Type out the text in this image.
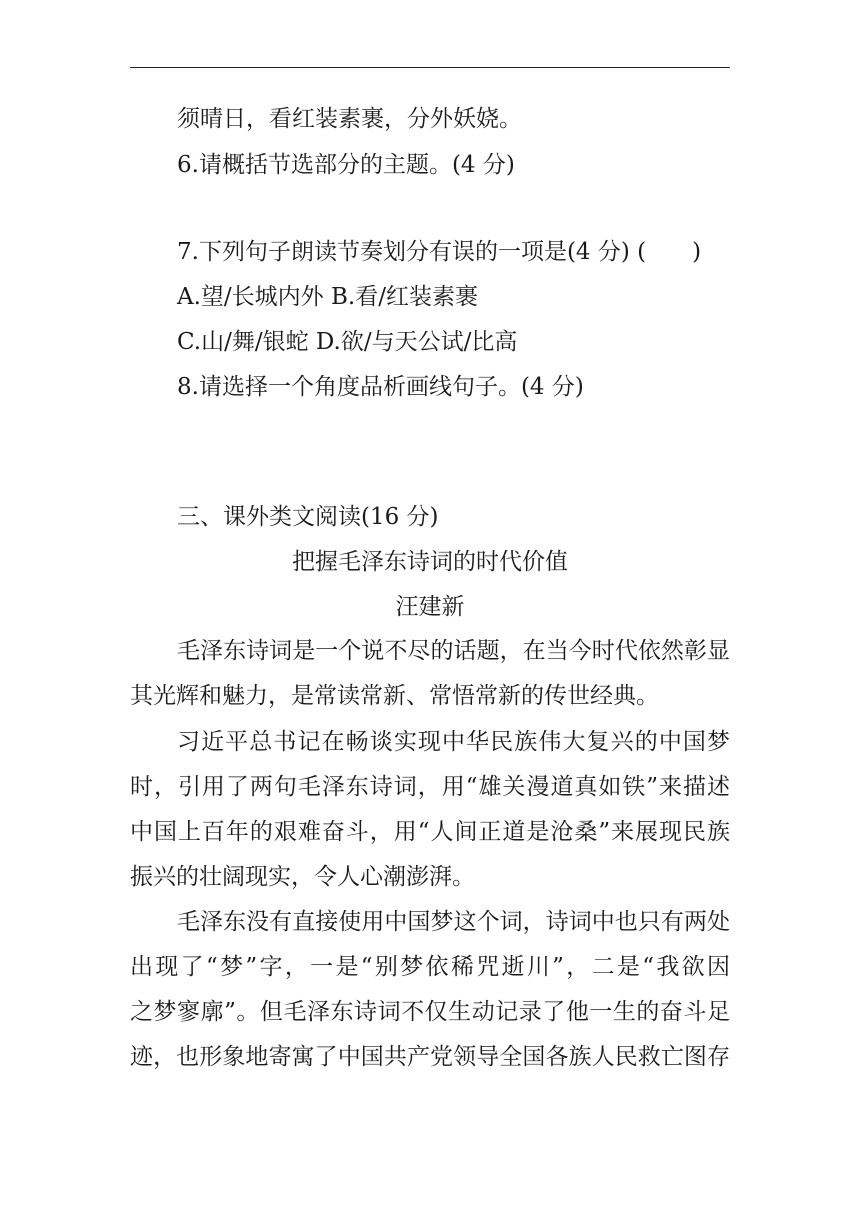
须晴日，看红装素裹，分外妖娆。
6.请概括节选部分的主题。(4 分)
7.下列句子朗读节奏划分有误的一项是(4 分) (　　)
A.望/长城内外 B.看/红装素裹
C.山/舞/银蛇 D.欲/与天公试/比高
8.请选择一个角度品析画线句子。(4 分)
三、课外类文阅读(16 分)
把握毛泽东诗词的时代价值
汪建新
毛泽东诗词是一个说不尽的话题，在当今时代依然彰显
其光辉和魅力，是常读常新、常悟常新的传世经典。
习近平总书记在畅谈实现中华民族伟大复兴的中国梦
时，引用了两句毛泽东诗词，用“雄关漫道真如铁”来描述
中国上百年的艰难奋斗，用“人间正道是沧桑”来展现民族
振兴的壮阔现实，令人心潮澎湃。
毛泽东没有直接使用中国梦这个词，诗词中也只有两处
出现了“梦”字，一是“别梦依稀咒逝川”，二是“我欲因
之梦寥廓”。但毛泽东诗词不仅生动记录了他一生的奋斗足
迹，也形象地寄寓了中国共产党领导全国各族人民救亡图存
